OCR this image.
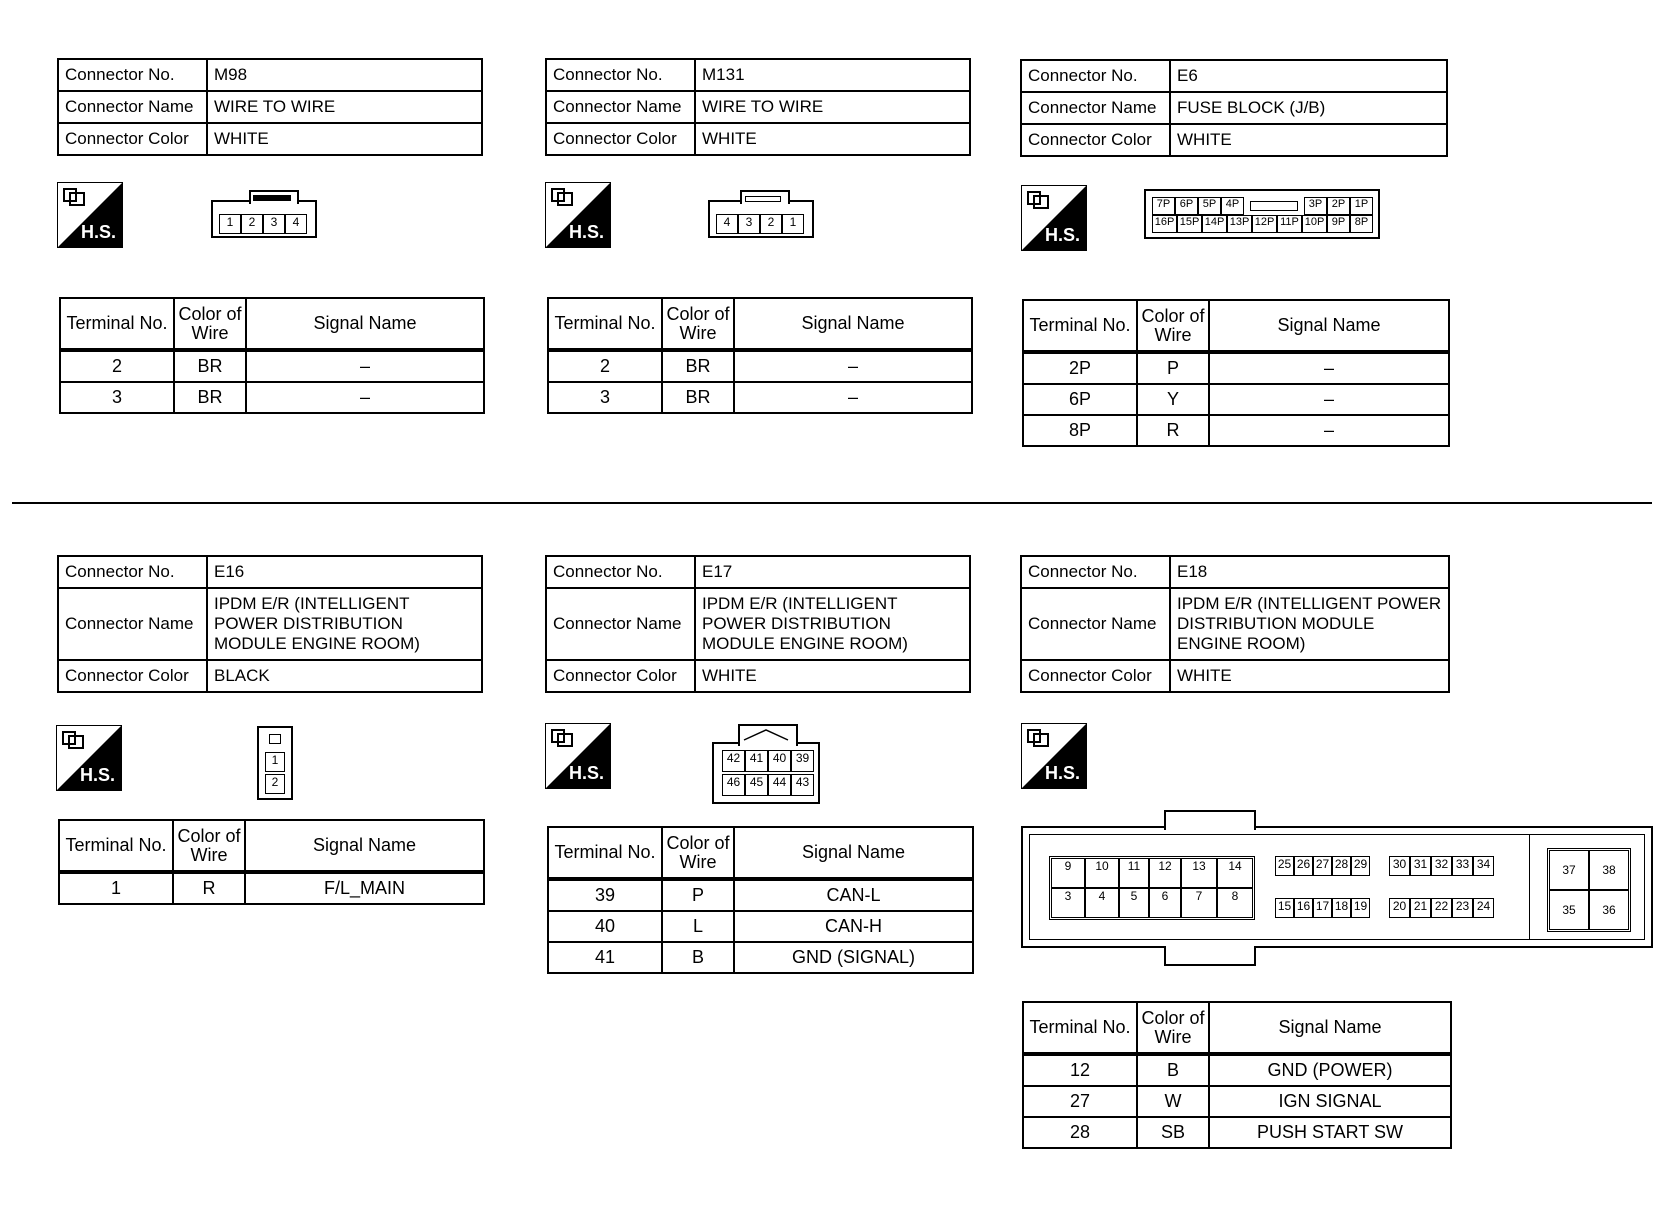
Connector No.	M98
Connector Name	WIRE TO WIRE
Connector Color	WHITE
H.S.	1	2	3	4
Terminal No.	Color of Wire	Signal Name
2	BR	–
3	BR	–
Connector No.	M131
Connector Name	WIRE TO WIRE
Connector Color	WHITE
H.S.	4	3	2	1
Terminal No.	Color of Wire	Signal Name
2	BR	–
3	BR	–
Connector No.	E6
Connector Name	FUSE BLOCK (J/B)
Connector Color	WHITE
H.S.
7P 6P 5P 4P	3P 2P 1P
16P 15P 14P 13P 12P 11P 10P 9P 8P
Terminal No.	Color of Wire	Signal Name
2P	P	–
6P	Y	–
8P	R	–
Connector No.	E16
Connector Name	IPDM E/R (INTELLIGENT POWER DISTRIBUTION MODULE ENGINE ROOM)
Connector Color	BLACK
H.S.
1
2
Terminal No.	Color of Wire	Signal Name
1	R	F/L_MAIN
Connector No.	E17
Connector Name	IPDM E/R (INTELLIGENT POWER DISTRIBUTION MODULE ENGINE ROOM)
Connector Color	WHITE
H.S.
42 41 40 39
46 45 44 43
Terminal No.	Color of Wire	Signal Name
39	P	CAN-L
40	L	CAN-H
41	B	GND (SIGNAL)
Connector No.	E18
Connector Name	IPDM E/R (INTELLIGENT POWER DISTRIBUTION MODULE ENGINE ROOM)
Connector Color	WHITE
H.S.
9	10	11	12	13	14
3	4	5	6	7	8
25 26 27 28 29	30 31 32 33 34
15 16 17 18 19	20 21 22 23 24
37	38
35	36
Terminal No.	Color of Wire	Signal Name
12	B	GND (POWER)
27	W	IGN SIGNAL
28	SB	PUSH START SW
